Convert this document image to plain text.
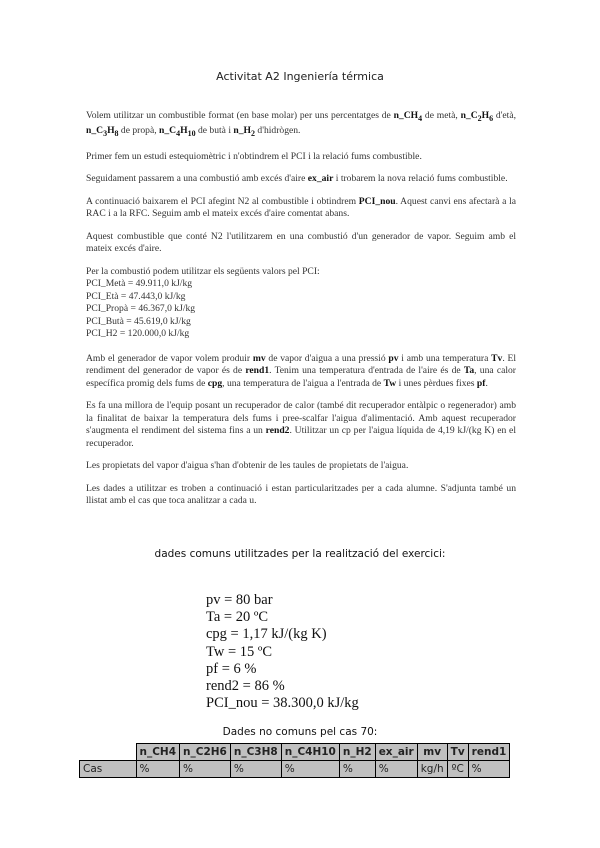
Activitat A2 Ingeniería térmica

Volem utilitzar un combustible format (en base molar) per uns percentatges de $n\_CH_4$ de metà, $n\_C_2H_6$ d'età, $n\_C_3H_8$ de propà, $n\_C_4H_{10}$ de butà i $n\_H_2$ d'hidrògen.

Primer fem un estudi estequiomètric i n'obtindrem el PCI i la relació fums combustible.

Seguidament passarem a una combustió amb excés d'aire ex_air i trobarem la nova relació fums combustible.

A continuació baixarem el PCI afegint N2 al combustible i obtindrem PCI_nou. Aquest canvi ens afectarà a la RAC i a la RFC. Seguim amb el mateix excés d'aire comentat abans.

Aquest combustible que conté N2 l'utilitzarem en una combustió d'un generador de vapor. Seguim amb el mateix excés d'aire.

Per la combustió podem utilitzar els següents valors pel PCI:

PCI_Metà = 49.911,0 kJ/kg
PCI_Età = 47.443,0 kJ/kg
PCI_Propà = 46.367,0 kJ/kg
PCI_Butà = 45.619,0 kJ/kg
PCI_H2 = 120.000,0 kJ/kg

Amb el generador de vapor volem produir mv de vapor d'aigua a una pressió pv i amb una temperatura Tv. El rendiment del generador de vapor és de rend1. Tenim una temperatura d'entrada de l'aire és de Ta, una calor específica promig dels fums de cpg, una temperatura de l'aigua a l'entrada de Tw i unes pèrdues fixes pf.

Es fa una millora de l'equip posant un recuperador de calor (també dit recuperador entàlpic o regenerador) amb la finalitat de baixar la temperatura dels fums i pree-scalfar l'aigua d'alimentació. Amb aquest recuperador s'augmenta el rendiment del sistema fins a un rend2. Utilitzar un cp per l'aigua líquida de 4,19 kJ/(kg K) en el recuperador.

Les propietats del vapor d'aigua s'han d'obtenir de les taules de propietats de l'aigua.

Les dades a utilitzar es troben a continuació i estan particularitzades per a cada alumne. S'adjunta també un llistat amb el cas que toca analitzar a cada u.

dades comuns utilitzades per la realització del exercici:
pv = 80 bar
Ta = 20 ºC
cpg = 1,17 kJ/(kg K)
Tw = 15 ºC
pf = 6 %
rend2 = 86 %
PCI_nou = 38.300,0 kJ/kg
Dades no comuns pel cas 70:
	n_CH4	n_C2H6	n_C3H8	n_C4H10	n_H2	ex_air	mv	Tv	rend1
Cas	%	%	%	%	%	%	kg/h	ºC	%
